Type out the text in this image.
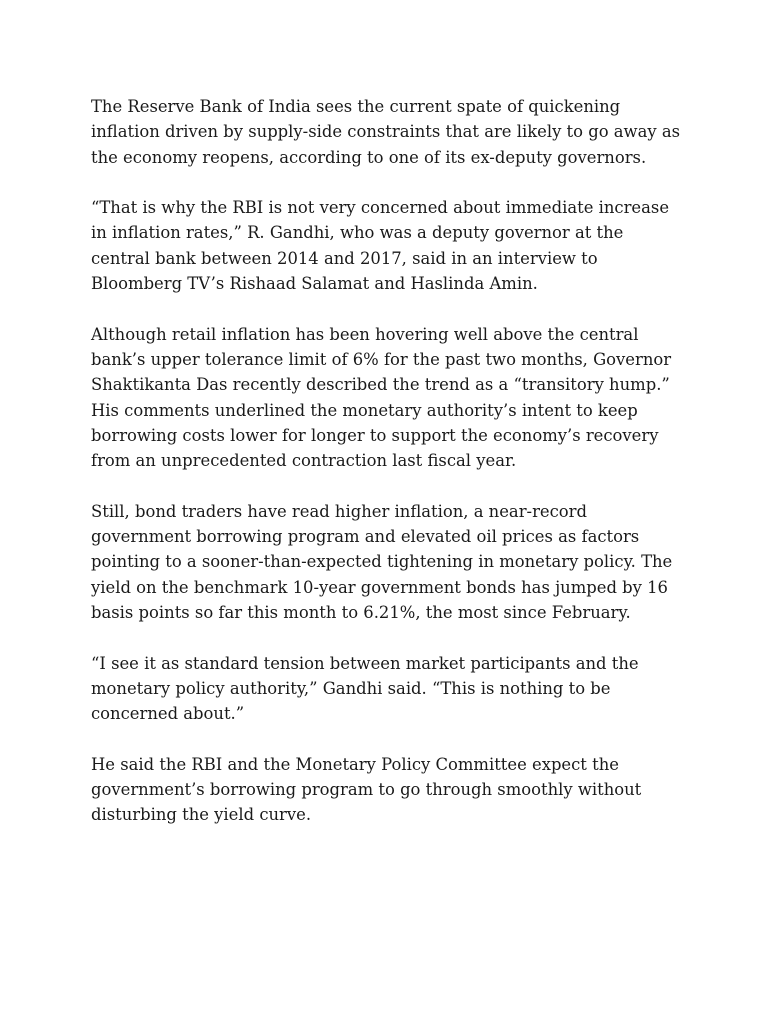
The Reserve Bank of India sees the current spate of quickening
inflation driven by supply-side constraints that are likely to go away as
the economy reopens, according to one of its ex-deputy governors.

“That is why the RBI is not very concerned about immediate increase
in inflation rates,” R. Gandhi, who was a deputy governor at the
central bank between 2014 and 2017, said in an interview to
Bloomberg TV’s Rishaad Salamat and Haslinda Amin.

Although retail inflation has been hovering well above the central
bank’s upper tolerance limit of 6% for the past two months, Governor
Shaktikanta Das recently described the trend as a “transitory hump.”
His comments underlined the monetary authority’s intent to keep
borrowing costs lower for longer to support the economy’s recovery
from an unprecedented contraction last fiscal year.

Still, bond traders have read higher inflation, a near-record
government borrowing program and elevated oil prices as factors
pointing to a sooner-than-expected tightening in monetary policy. The
yield on the benchmark 10-year government bonds has jumped by 16
basis points so far this month to 6.21%, the most since February.

“I see it as standard tension between market participants and the
monetary policy authority,” Gandhi said. “This is nothing to be
concerned about.”

He said the RBI and the Monetary Policy Committee expect the
government’s borrowing program to go through smoothly without
disturbing the yield curve.
